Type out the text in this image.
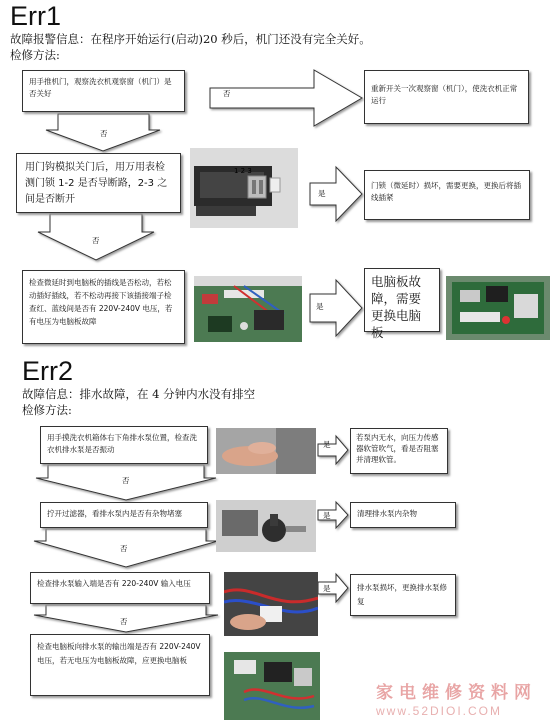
Err1
故障报警信息：在程序开始运行(启动)20 秒后，机门还没有完全关好。
检修方法:
用手推机门，观察洗衣机观察窗（机门）是否关好	否
重新开关一次观察窗（机门），使洗衣机正常运行
否
用门钩模拟关门后，用万用表检测门锁 1-2 是否导断路，2-3 之间是否断开
1 2 3
是
门锁（微延时）损坏，需要更换，更换后将插线插紧
否
检查微延时到电脑板的插线是否松动，若松动插好插线，若不松动再接下该插接端子检查红、蓝线间是否有 220V-240V 电压，若有电压为电脑板故障
是
电脑板故障，需要更换电脑板
Err2
故障信息：排水故障，在 4 分钟内水没有排空
检修方法:
用手摸洗衣机箱体右下角排水泵位置，检查洗衣机排水泵是否振动
是
若泵内无水，向压力传感器软管吹气，看是否阻塞并清理软管。
否
拧开过滤器，看排水泵内是否有杂物堵塞	是	清理排水泵内杂物
否
检查排水泵输入端是否有 220-240V 输入电压
是	排水泵损坏，更换排水泵修复
否
检查电脑板向排水泵的输出端是否有 220V-240V 电压，若无电压为电脑板故障，应更换电脑板
家电维修资料网
www.52DIOI.COM
